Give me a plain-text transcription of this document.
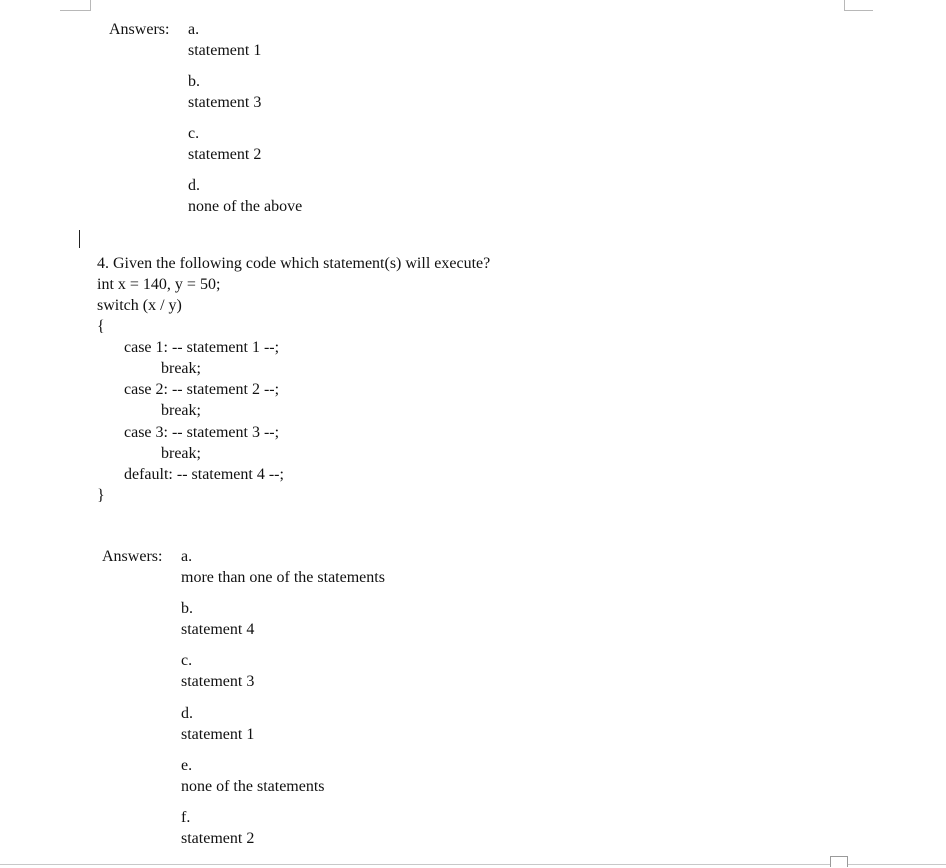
Answers: a.
statement 1
b.
statement 3
c.
statement 2
d.
none of the above
4. Given the following code which statement(s) will execute?
int x = 140, y = 50;
switch (x / y)
{
case 1: -- statement 1 --;
break;
case 2: -- statement 2 --;
break;
case 3: -- statement 3 --;
break;
default: -- statement 4 --;
}
Answers: a.
more than one of the statements
b.
statement 4
c.
statement 3
d.
statement 1
e.
none of the statements
f.
statement 2
